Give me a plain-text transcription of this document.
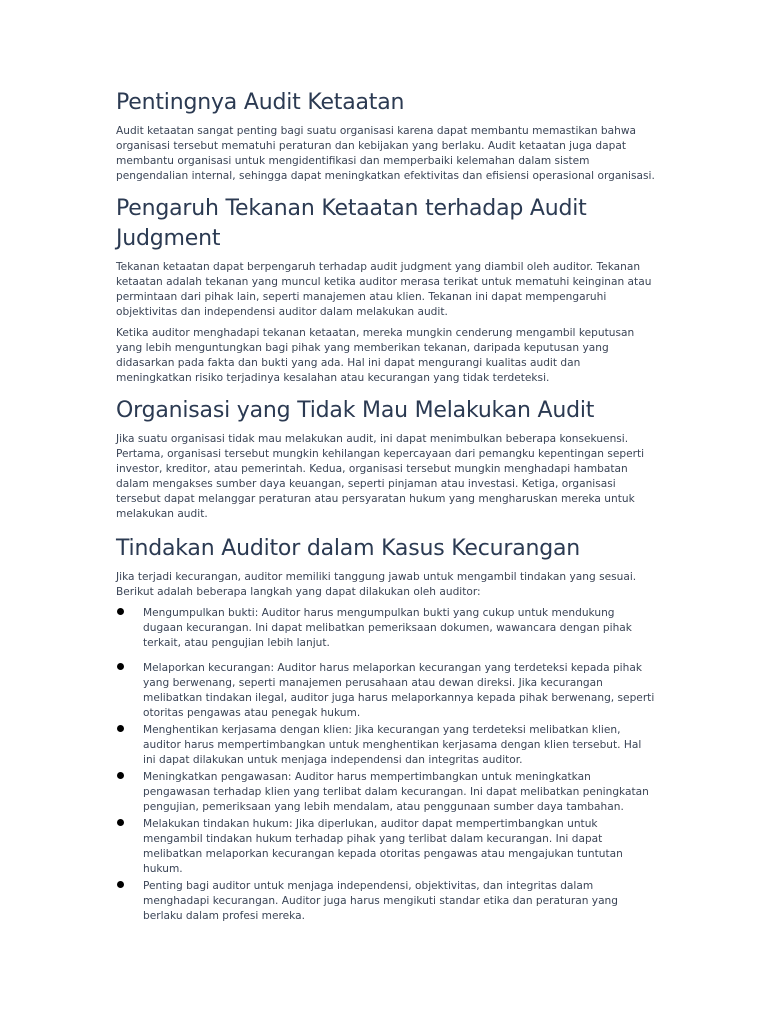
Pentingnya Audit Ketaatan

Audit ketaatan sangat penting bagi suatu organisasi karena dapat membantu memastikan bahwa organisasi tersebut mematuhi peraturan dan kebijakan yang berlaku. Audit ketaatan juga dapat membantu organisasi untuk mengidentifikasi dan memperbaiki kelemahan dalam sistem pengendalian internal, sehingga dapat meningkatkan efektivitas dan efisiensi operasional organisasi.

Pengaruh Tekanan Ketaatan terhadap Audit Judgment

Tekanan ketaatan dapat berpengaruh terhadap audit judgment yang diambil oleh auditor. Tekanan ketaatan adalah tekanan yang muncul ketika auditor merasa terikat untuk mematuhi keinginan atau permintaan dari pihak lain, seperti manajemen atau klien. Tekanan ini dapat mempengaruhi objektivitas dan independensi auditor dalam melakukan audit.

Ketika auditor menghadapi tekanan ketaatan, mereka mungkin cenderung mengambil keputusan yang lebih menguntungkan bagi pihak yang memberikan tekanan, daripada keputusan yang didasarkan pada fakta dan bukti yang ada. Hal ini dapat mengurangi kualitas audit dan meningkatkan risiko terjadinya kesalahan atau kecurangan yang tidak terdeteksi.

Organisasi yang Tidak Mau Melakukan Audit

Jika suatu organisasi tidak mau melakukan audit, ini dapat menimbulkan beberapa konsekuensi. Pertama, organisasi tersebut mungkin kehilangan kepercayaan dari pemangku kepentingan seperti investor, kreditor, atau pemerintah. Kedua, organisasi tersebut mungkin menghadapi hambatan dalam mengakses sumber daya keuangan, seperti pinjaman atau investasi. Ketiga, organisasi tersebut dapat melanggar peraturan atau persyaratan hukum yang mengharuskan mereka untuk melakukan audit.

Tindakan Auditor dalam Kasus Kecurangan

Jika terjadi kecurangan, auditor memiliki tanggung jawab untuk mengambil tindakan yang sesuai. Berikut adalah beberapa langkah yang dapat dilakukan oleh auditor:

Mengumpulkan bukti: Auditor harus mengumpulkan bukti yang cukup untuk mendukung dugaan kecurangan. Ini dapat melibatkan pemeriksaan dokumen, wawancara dengan pihak terkait, atau pengujian lebih lanjut.
Melaporkan kecurangan: Auditor harus melaporkan kecurangan yang terdeteksi kepada pihak yang berwenang, seperti manajemen perusahaan atau dewan direksi. Jika kecurangan melibatkan tindakan ilegal, auditor juga harus melaporkannya kepada pihak berwenang, seperti otoritas pengawas atau penegak hukum.
Menghentikan kerjasama dengan klien: Jika kecurangan yang terdeteksi melibatkan klien, auditor harus mempertimbangkan untuk menghentikan kerjasama dengan klien tersebut. Hal ini dapat dilakukan untuk menjaga independensi dan integritas auditor.
Meningkatkan pengawasan: Auditor harus mempertimbangkan untuk meningkatkan pengawasan terhadap klien yang terlibat dalam kecurangan. Ini dapat melibatkan peningkatan pengujian, pemeriksaan yang lebih mendalam, atau penggunaan sumber daya tambahan.
Melakukan tindakan hukum: Jika diperlukan, auditor dapat mempertimbangkan untuk mengambil tindakan hukum terhadap pihak yang terlibat dalam kecurangan. Ini dapat melibatkan melaporkan kecurangan kepada otoritas pengawas atau mengajukan tuntutan hukum.
Penting bagi auditor untuk menjaga independensi, objektivitas, dan integritas dalam menghadapi kecurangan. Auditor juga harus mengikuti standar etika dan peraturan yang berlaku dalam profesi mereka.
